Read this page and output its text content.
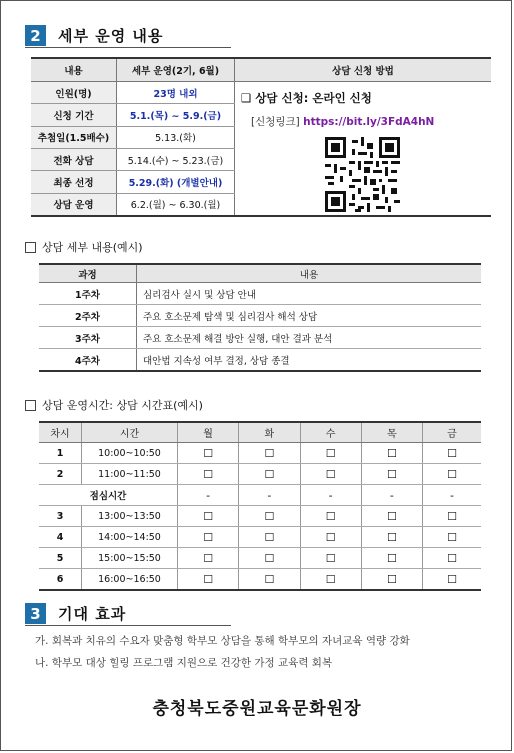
2	세부 운영 내용
내용	세부 운영(2기, 6월)	상담 신청 방법
인원(명)	23명 내외	❑ 상담 신청: 온라인 신청
[신청링크] https://bit.ly/3FdA4hN

신청 기간	5.1.(목) ~ 5.9.(금)	
추첨일(1.5배수)	5.13.(화)	
전화 상담	5.14.(수) ~ 5.23.(금)	
최종 선정	5.29.(화) (개별안내)	
상담 운영	6.2.(월) ~ 6.30.(월)	
상담 세부 내용(예시)
과정	내용
1주차	심리검사 실시 및 상담 안내
2주차	주요 호소문제 탐색 및 심리검사 해석 상담
3주차	주요 호소문제 해결 방안 실행, 대안 결과 분석
4주차	대안법 지속성 여부 결정, 상담 종결
상담 운영시간: 상담 시간표(예시)
차시	시간	월	화	수	목	금
1	10:00~10:50	☐	☐	☐	☐	☐
2	11:00~11:50	☐	☐	☐	☐	☐
점심시간		-	-	-	-	-
3	13:00~13:50	☐	☐	☐	☐	☐
4	14:00~14:50	☐	☐	☐	☐	☐
5	15:00~15:50	☐	☐	☐	☐	☐
6	16:00~16:50	☐	☐	☐	☐	☐
3	기대 효과
가. 회복과 치유의 수요자 맞춤형 학부모 상담을 통해 학부모의 자녀교육 역량 강화
나. 학부모 대상 힐링 프로그램 지원으로 건강한 가정 교육력 회복
충청북도중원교육문화원장
